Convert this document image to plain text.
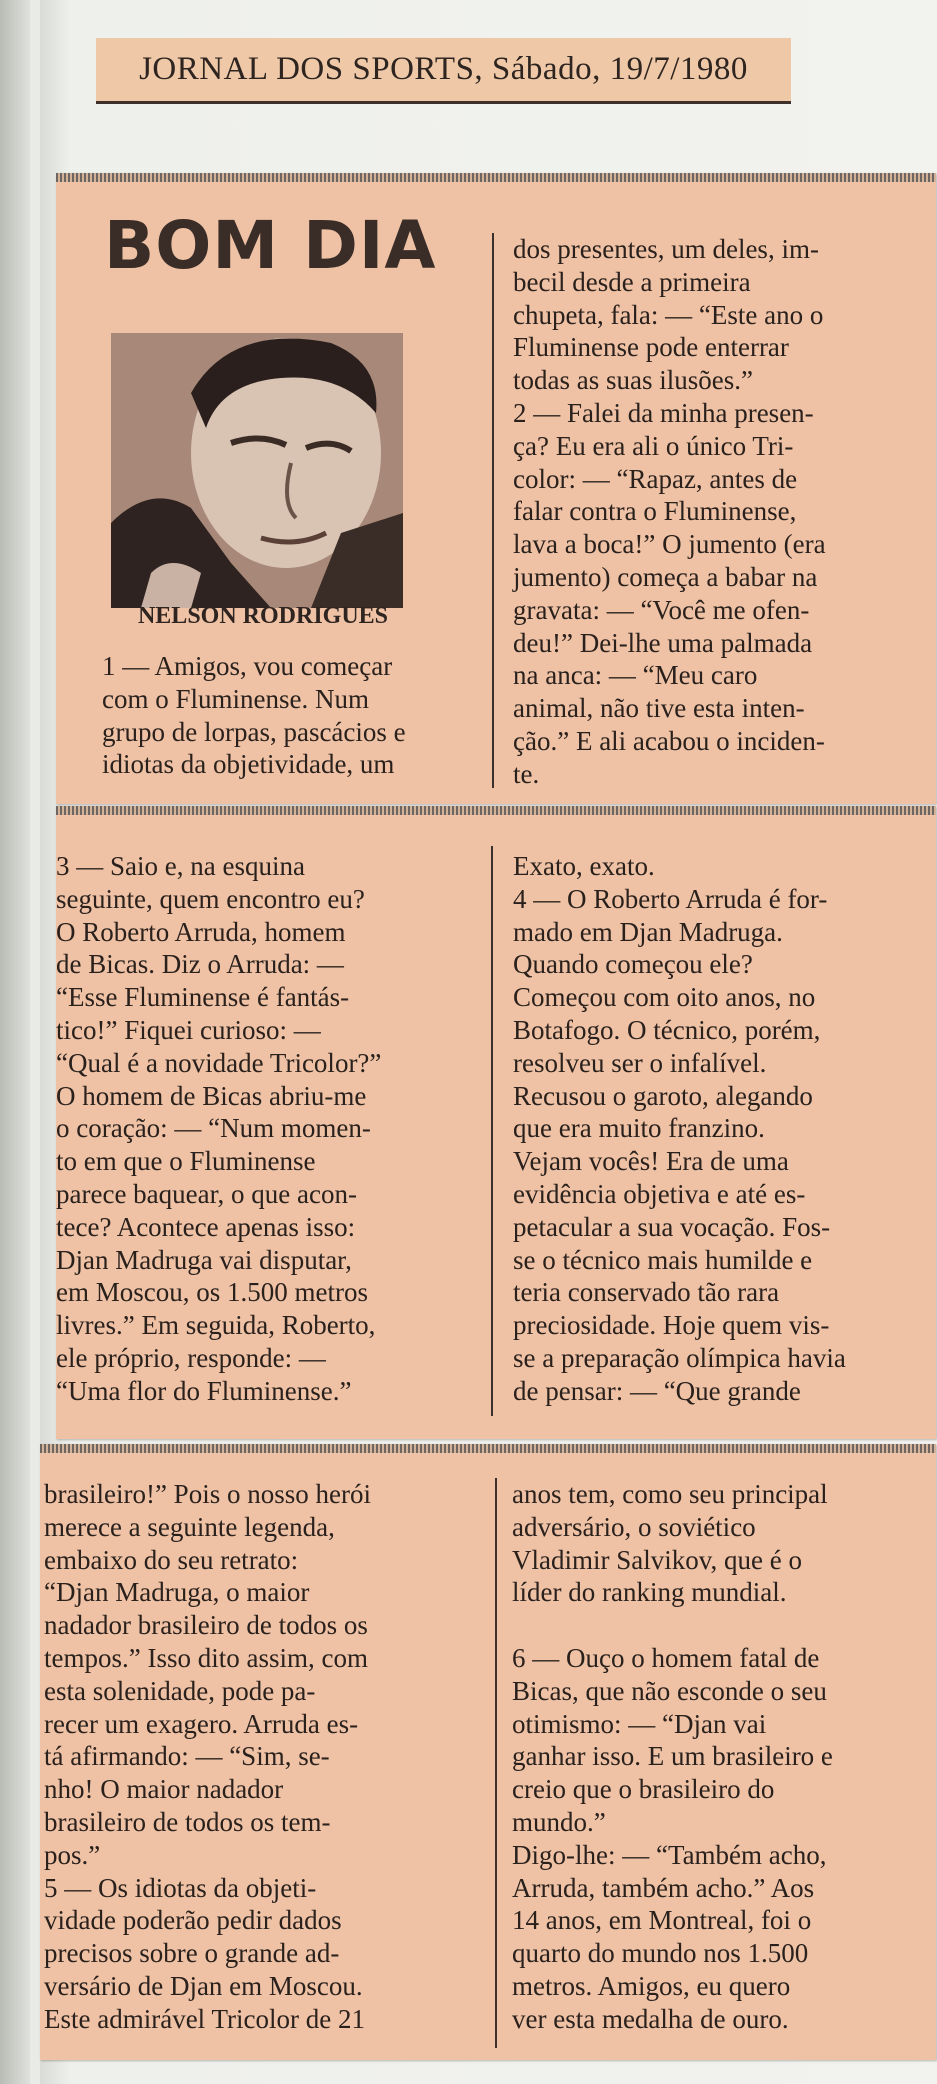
JORNAL DOS SPORTS, Sábado, 19/7/1980
BOM DIA

NELSON RODRIGUES

1 — Amigos, vou começar
com o Fluminense. Num
grupo de lorpas, pascácios e
idiotas da objetividade, um

dos presentes, um deles, im-
becil desde a primeira
chupeta, fala: — “Este ano o
Fluminense pode enterrar
todas as suas ilusões.”
2 — Falei da minha presen-
ça? Eu era ali o único Tri-
color: — “Rapaz, antes de
falar contra o Fluminense,
lava a boca!” O jumento (era
jumento) começa a babar na
gravata: — “Você me ofen-
deu!” Dei-lhe uma palmada
na anca: — “Meu caro
animal, não tive esta inten-
ção.” E ali acabou o inciden-
te.

3 — Saio e, na esquina
seguinte, quem encontro eu?
O Roberto Arruda, homem
de Bicas. Diz o Arruda: —
“Esse Fluminense é fantás-
tico!” Fiquei curioso: —
“Qual é a novidade Tricolor?”
O homem de Bicas abriu-me
o coração: — “Num momen-
to em que o Fluminense
parece baquear, o que acon-
tece? Acontece apenas isso:
Djan Madruga vai disputar,
em Moscou, os 1.500 metros
livres.” Em seguida, Roberto,
ele próprio, responde: —
“Uma flor do Fluminense.”

Exato, exato.
4 — O Roberto Arruda é for-
mado em Djan Madruga.
Quando começou ele?
Começou com oito anos, no
Botafogo. O técnico, porém,
resolveu ser o infalível.
Recusou o garoto, alegando
que era muito franzino.
Vejam vocês! Era de uma
evidência objetiva e até es-
petacular a sua vocação. Fos-
se o técnico mais humilde e
teria conservado tão rara
preciosidade. Hoje quem vis-
se a preparação olímpica havia
de pensar: — “Que grande

brasileiro!” Pois o nosso herói
merece a seguinte legenda,
embaixo do seu retrato:
“Djan Madruga, o maior
nadador brasileiro de todos os
tempos.” Isso dito assim, com
esta solenidade, pode pa-
recer um exagero. Arruda es-
tá afirmando: — “Sim, se-
nho! O maior nadador
brasileiro de todos os tem-
pos.”
5 — Os idiotas da objeti-
vidade poderão pedir dados
precisos sobre o grande ad-
versário de Djan em Moscou.
Este admirável Tricolor de 21

anos tem, como seu principal
adversário, o soviético
Vladimir Salvikov, que é o
líder do ranking mundial.

6 — Ouço o homem fatal de
Bicas, que não esconde o seu
otimismo: — “Djan vai
ganhar isso. E um brasileiro e
creio que o brasileiro do
mundo.”
Digo-lhe: — “Também acho,
Arruda, também acho.” Aos
14 anos, em Montreal, foi o
quarto do mundo nos 1.500
metros. Amigos, eu quero
ver esta medalha de ouro.
